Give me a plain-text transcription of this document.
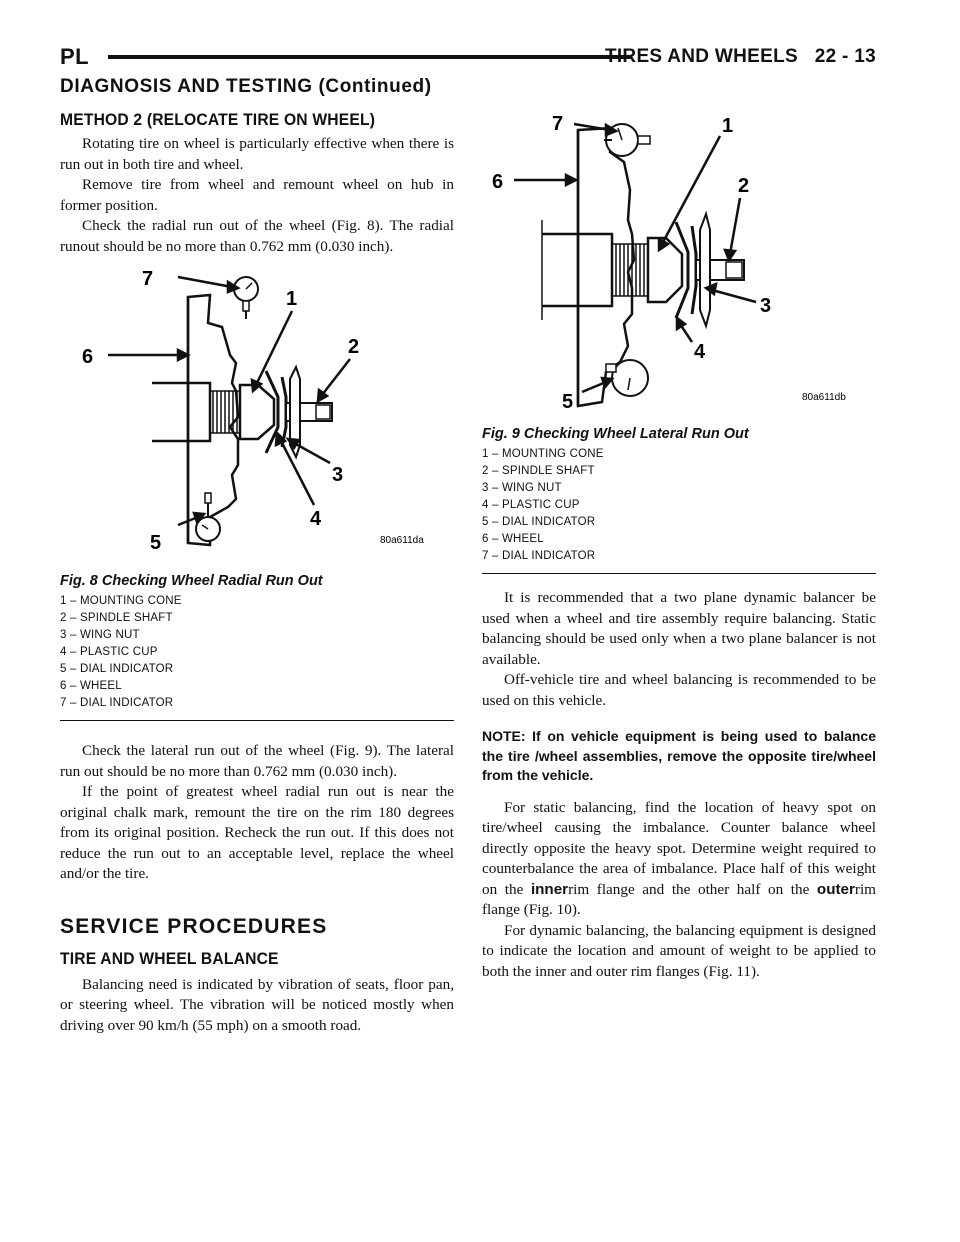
PL	TIRES AND WHEELS 22 - 13
DIAGNOSIS AND TESTING (Continued)
METHOD 2 (RELOCATE TIRE ON WHEEL)

Rotating tire on wheel is particularly effective when there is run out in both tire and wheel.

Remove tire from wheel and remount wheel on hub in former position.

Check the radial run out of the wheel (Fig. 8). The radial runout should be no more than 0.762 mm (0.030 inch).

7
1
6	2
3
4
5	80a611da
Fig. 8 Checking Wheel Radial Run Out
1 – MOUNTING CONE
2 – SPINDLE SHAFT
3 – WING NUT
4 – PLASTIC CUP
5 – DIAL INDICATOR
6 – WHEEL
7 – DIAL INDICATOR

Check the lateral run out of the wheel (Fig. 9). The lateral run out should be no more than 0.762 mm (0.030 inch).

If the point of greatest wheel radial run out is near the original chalk mark, remount the tire on the rim 180 degrees from its original position. Recheck the run out. If this does not reduce the run out to an acceptable level, replace the wheel and/or the tire.

SERVICE PROCEDURES
TIRE AND WHEEL BALANCE

Balancing need is indicated by vibration of seats, floor pan, or steering wheel. The vibration will be noticed mostly when driving over 90 km/h (55 mph) on a smooth road.

7	1
6	2
3
4
5	80a611db
Fig. 9 Checking Wheel Lateral Run Out
1 – MOUNTING CONE
2 – SPINDLE SHAFT
3 – WING NUT
4 – PLASTIC CUP
5 – DIAL INDICATOR
6 – WHEEL
7 – DIAL INDICATOR

It is recommended that a two plane dynamic balancer be used when a wheel and tire assembly require balancing. Static balancing should be used only when a two plane balancer is not available.

Off-vehicle tire and wheel balancing is recommended to be used on this vehicle.

NOTE: If on vehicle equipment is being used to balance the tire /wheel assemblies, remove the opposite tire/wheel from the vehicle.

For static balancing, find the location of heavy spot on tire/wheel causing the imbalance. Counter balance wheel directly opposite the heavy spot. Determine weight required to counterbalance the area of imbalance. Place half of this weight on the innerrim flange and the other half on the outerrim flange (Fig. 10).

For dynamic balancing, the balancing equipment is designed to indicate the location and amount of weight to be applied to both the inner and outer rim flanges (Fig. 11).
